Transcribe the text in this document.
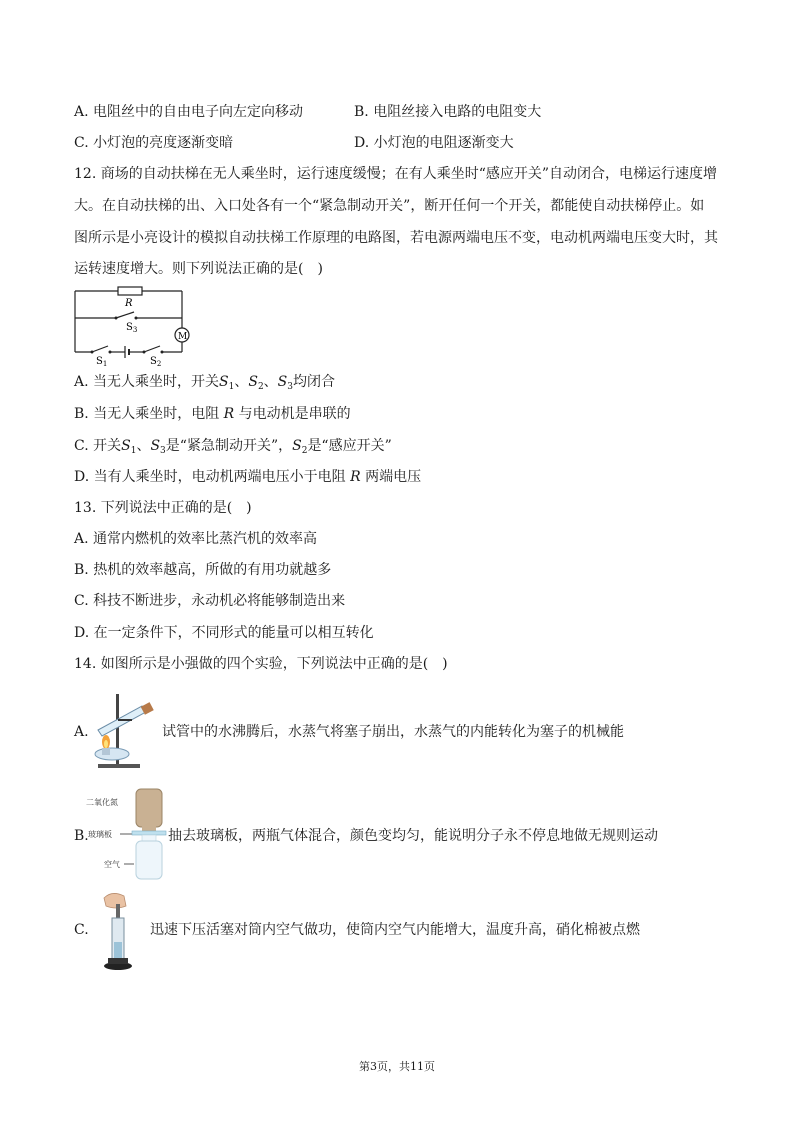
A. 电阻丝中的自由电子向左定向移动	B. 电阻丝接入电路的电阻变大
C. 小灯泡的亮度逐渐变暗	D. 小灯泡的电阻逐渐变大
12. 商场的自动扶梯在无人乘坐时，运行速度缓慢；在有人乘坐时“感应开关”自动闭合，电梯运行速度增
大。在自动扶梯的出、入口处各有一个“紧急制动开关”，断开任何一个开关，都能使自动扶梯停止。如
图所示是小亮设计的模拟自动扶梯工作原理的电路图，若电源两端电压不变，电动机两端电压变大时，其
运转速度增大。则下列说法正确的是(　)
R
$S_3$
M
$S_1$	$S_2$
A. 当无人乘坐时，开关$S_1$、$S_2$、$S_3$均闭合
B. 当无人乘坐时，电阻 R 与电动机是串联的
C. 开关$S_1$、$S_3$是“紧急制动开关”，$S_2$是“感应开关”
D. 当有人乘坐时，电动机两端电压小于电阻 R 两端电压
13. 下列说法中正确的是(　)
A. 通常内燃机的效率比蒸汽机的效率高
B. 热机的效率越高，所做的有用功就越多
C. 科技不断进步，永动机必将能够制造出来
D. 在一定条件下，不同形式的能量可以相互转化
14. 如图所示是小强做的四个实验，下列说法中正确的是(　)
A.	试管中的水沸腾后，水蒸气将塞子崩出，水蒸气的内能转化为塞子的机械能
B.
二氧化氮
玻璃板
空气
抽去玻璃板，两瓶气体混合，颜色变均匀，能说明分子永不停息地做无规则运动
C.	迅速下压活塞对筒内空气做功，使筒内空气内能增大，温度升高，硝化棉被点燃
第3页，共11页
